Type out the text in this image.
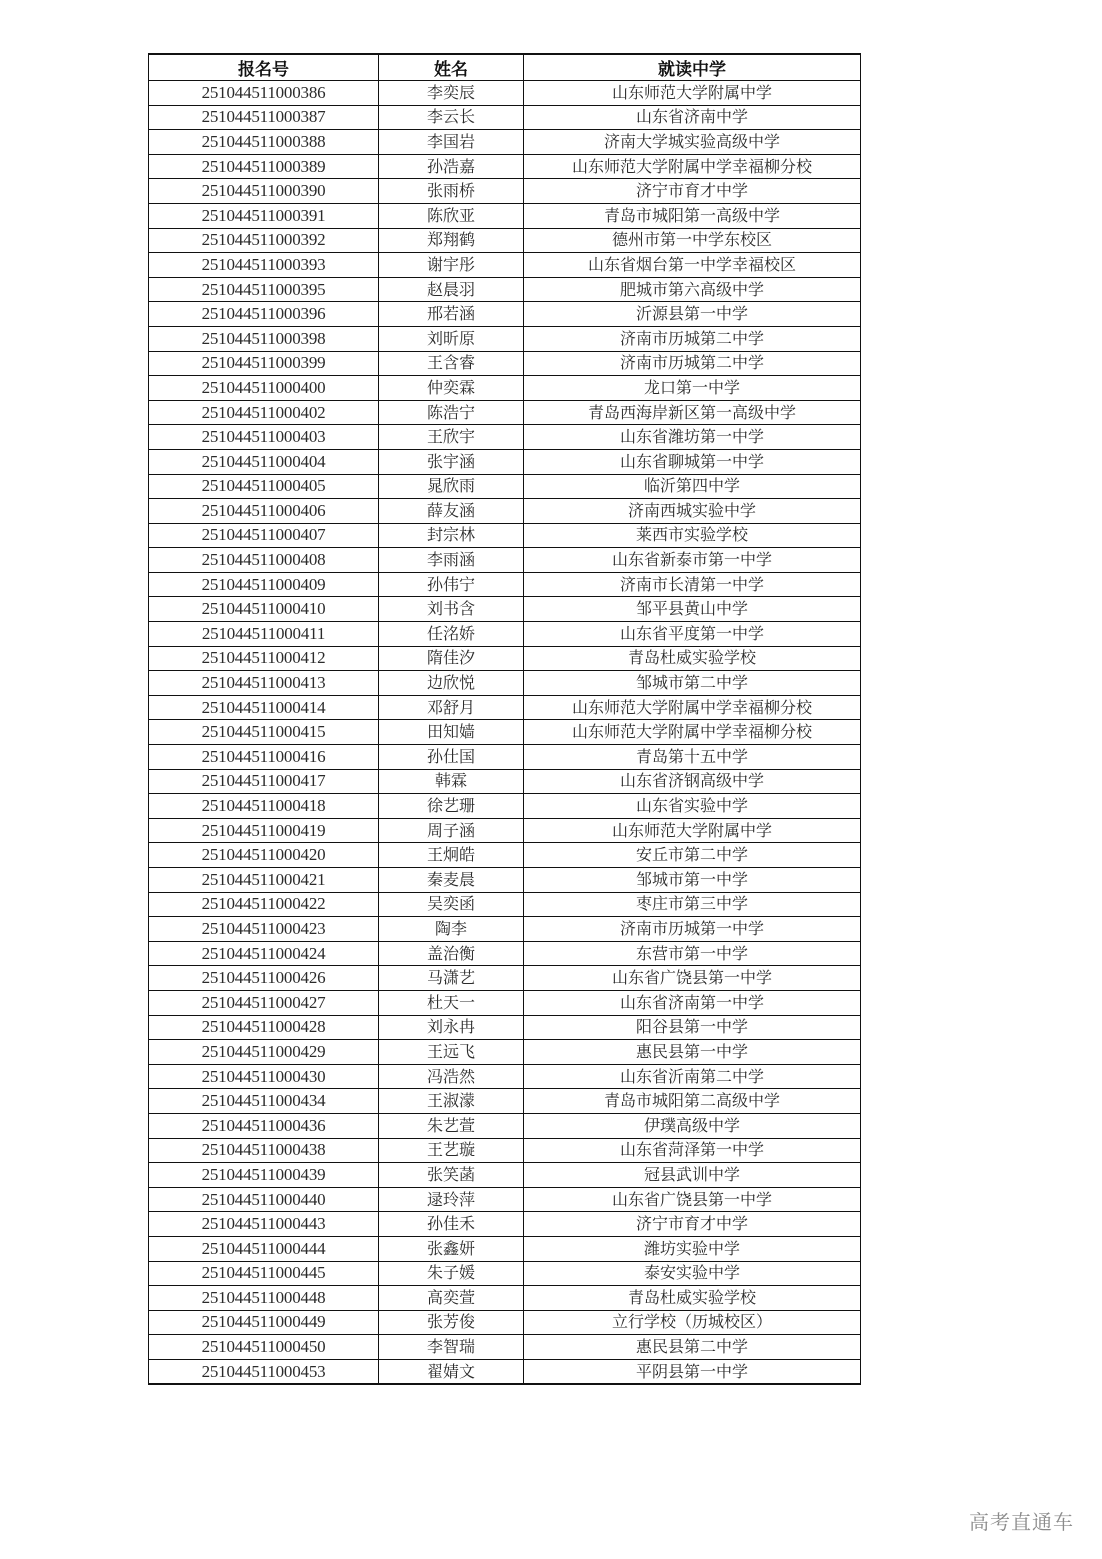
报名号	姓名	就读中学
251044511000386	李奕辰	山东师范大学附属中学
251044511000387	李云长	山东省济南中学
251044511000388	李国岩	济南大学城实验高级中学
251044511000389	孙浩嘉	山东师范大学附属中学幸福柳分校
251044511000390	张雨桥	济宁市育才中学
251044511000391	陈欣亚	青岛市城阳第一高级中学
251044511000392	郑翔鹤	德州市第一中学东校区
251044511000393	谢宇彤	山东省烟台第一中学幸福校区
251044511000395	赵晨羽	肥城市第六高级中学
251044511000396	邢若涵	沂源县第一中学
251044511000398	刘昕原	济南市历城第二中学
251044511000399	王含睿	济南市历城第二中学
251044511000400	仲奕霖	龙口第一中学
251044511000402	陈浩宁	青岛西海岸新区第一高级中学
251044511000403	王欣宇	山东省潍坊第一中学
251044511000404	张宇涵	山东省聊城第一中学
251044511000405	晁欣雨	临沂第四中学
251044511000406	薛友涵	济南西城实验中学
251044511000407	封宗林	莱西市实验学校
251044511000408	李雨涵	山东省新泰市第一中学
251044511000409	孙伟宁	济南市长清第一中学
251044511000410	刘书含	邹平县黄山中学
251044511000411	任洺娇	山东省平度第一中学
251044511000412	隋佳汐	青岛杜威实验学校
251044511000413	边欣悦	邹城市第二中学
251044511000414	邓舒月	山东师范大学附属中学幸福柳分校
251044511000415	田知嫱	山东师范大学附属中学幸福柳分校
251044511000416	孙仕国	青岛第十五中学
251044511000417	韩霖	山东省济钢高级中学
251044511000418	徐艺珊	山东省实验中学
251044511000419	周子涵	山东师范大学附属中学
251044511000420	王炯皓	安丘市第二中学
251044511000421	秦麦晨	邹城市第一中学
251044511000422	吴奕函	枣庄市第三中学
251044511000423	陶李	济南市历城第一中学
251044511000424	盖治衡	东营市第一中学
251044511000426	马潇艺	山东省广饶县第一中学
251044511000427	杜天一	山东省济南第一中学
251044511000428	刘永冉	阳谷县第一中学
251044511000429	王远飞	惠民县第一中学
251044511000430	冯浩然	山东省沂南第二中学
251044511000434	王淑濛	青岛市城阳第二高级中学
251044511000436	朱艺萱	伊璞高级中学
251044511000438	王艺璇	山东省菏泽第一中学
251044511000439	张笑菡	冠县武训中学
251044511000440	逯玲萍	山东省广饶县第一中学
251044511000443	孙佳禾	济宁市育才中学
251044511000444	张鑫妍	潍坊实验中学
251044511000445	朱子媛	泰安实验中学
251044511000448	高奕萱	青岛杜威实验学校
251044511000449	张芳俊	立行学校（历城校区）
251044511000450	李智瑞	惠民县第二中学
251044511000453	翟婧文	平阴县第一中学
高考直通车
